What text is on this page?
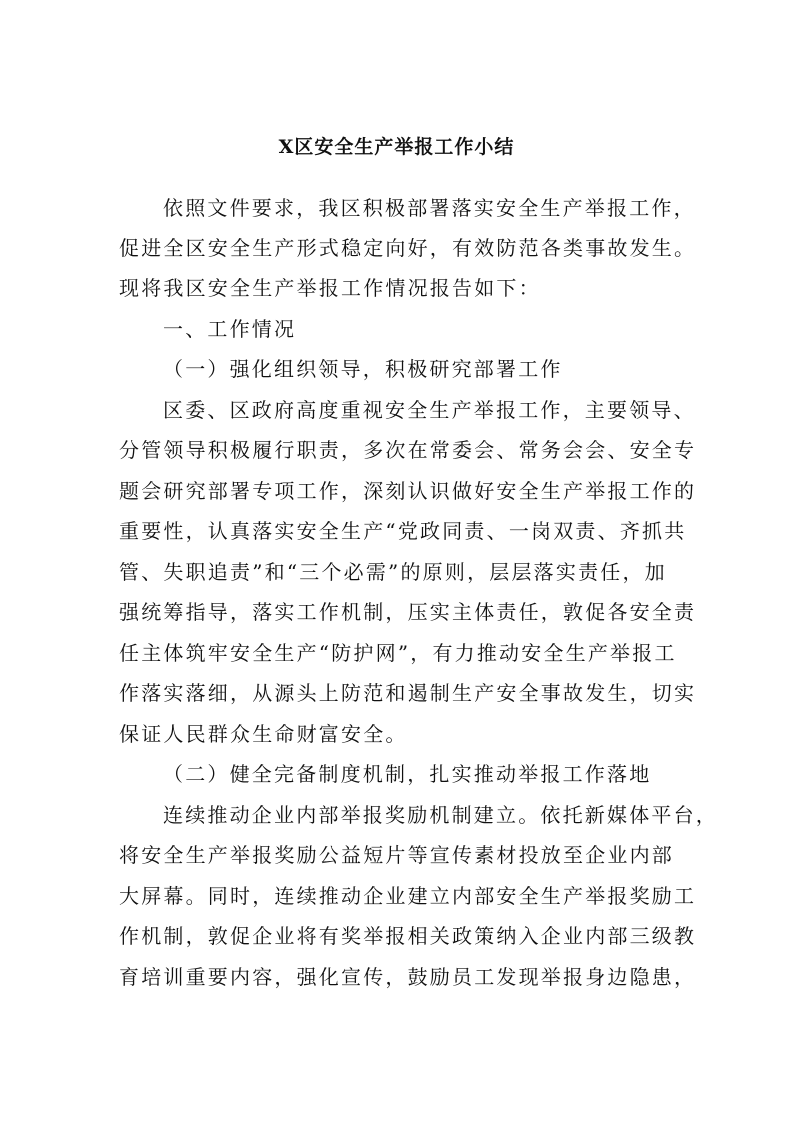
X区安全生产举报工作小结
依照文件要求，我区积极部署落实安全生产举报工作，
促进全区安全生产形式稳定向好，有效防范各类事故发生。
现将我区安全生产举报工作情况报告如下：
一、工作情况
（一）强化组织领导，积极研究部署工作
区委、区政府高度重视安全生产举报工作，主要领导、
分管领导积极履行职责，多次在常委会、常务会会、安全专
题会研究部署专项工作，深刻认识做好安全生产举报工作的
重要性，认真落实安全生产“党政同责、一岗双责、齐抓共
管、失职追责”和“三个必需”的原则，层层落实责任，加
强统筹指导，落实工作机制，压实主体责任，敦促各安全责
任主体筑牢安全生产“防护网”，有力推动安全生产举报工
作落实落细，从源头上防范和遏制生产安全事故发生，切实
保证人民群众生命财富安全。
（二）健全完备制度机制，扎实推动举报工作落地
连续推动企业内部举报奖励机制建立。依托新媒体平台，
将安全生产举报奖励公益短片等宣传素材投放至企业内部
大屏幕。同时，连续推动企业建立内部安全生产举报奖励工
作机制，敦促企业将有奖举报相关政策纳入企业内部三级教
育培训重要内容，强化宣传，鼓励员工发现举报身边隐患，
